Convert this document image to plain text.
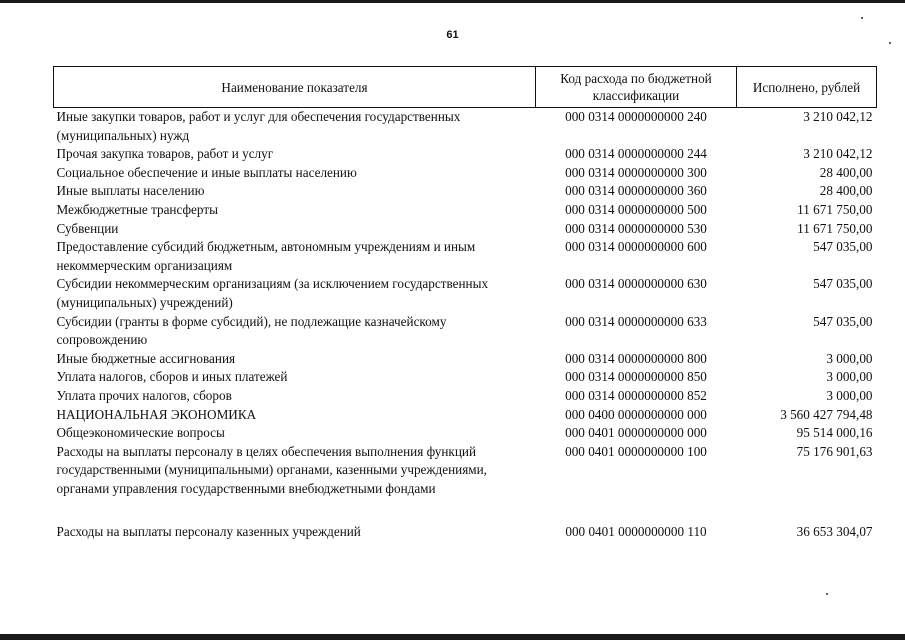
61
Наименование показателя	Код расхода по бюджетной классификации	Исполнено, рублей
Иные закупки товаров, работ и услуг для обеспечения государственных (муниципальных) нужд	000 0314 0000000000 240	3 210 042,12
Прочая закупка товаров, работ и услуг	000 0314 0000000000 244	3 210 042,12
Социальное обеспечение и иные выплаты населению	000 0314 0000000000 300	28 400,00
Иные выплаты населению	000 0314 0000000000 360	28 400,00
Межбюджетные трансферты	000 0314 0000000000 500	11 671 750,00
Субвенции	000 0314 0000000000 530	11 671 750,00
Предоставление субсидий бюджетным, автономным учреждениям и иным некоммерческим организациям	000 0314 0000000000 600	547 035,00
Субсидии некоммерческим организациям (за исключением государственных (муниципальных) учреждений)	000 0314 0000000000 630	547 035,00
Субсидии (гранты в форме субсидий), не подлежащие казначейскому сопровождению	000 0314 0000000000 633	547 035,00
Иные бюджетные ассигнования	000 0314 0000000000 800	3 000,00
Уплата налогов, сборов и иных платежей	000 0314 0000000000 850	3 000,00
Уплата прочих налогов, сборов	000 0314 0000000000 852	3 000,00
НАЦИОНАЛЬНАЯ ЭКОНОМИКА	000 0400 0000000000 000	3 560 427 794,48
Общеэкономические вопросы	000 0401 0000000000 000	95 514 000,16
Расходы на выплаты персоналу в целях обеспечения выполнения функций государственными (муниципальными) органами, казенными учреждениями, органами управления государственными внебюджетными фондами	000 0401 0000000000 100	75 176 901,63
Расходы на выплаты персоналу казенных учреждений	000 0401 0000000000 110	36 653 304,07
